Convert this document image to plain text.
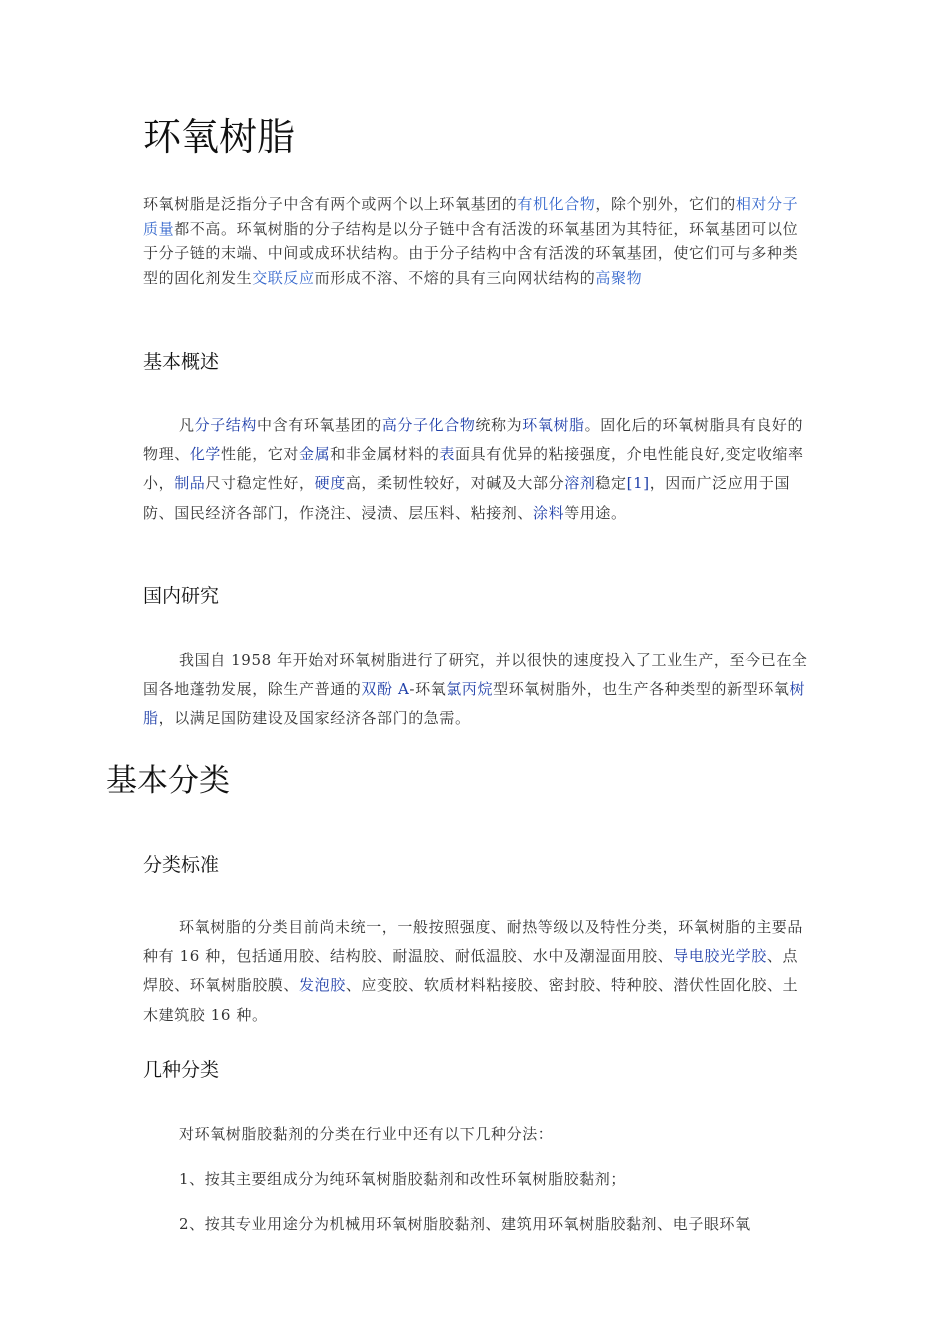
环氧树脂

环氧树脂是泛指分子中含有两个或两个以上环氧基团的有机化合物，除个别外，它们的相对分子质量都不高。环氧树脂的分子结构是以分子链中含有活泼的环氧基团为其特征，环氧基团可以位于分子链的末端、中间或成环状结构。由于分子结构中含有活泼的环氧基团，使它们可与多种类型的固化剂发生交联反应而形成不溶、不熔的具有三向网状结构的高聚物

基本概述

凡分子结构中含有环氧基团的高分子化合物统称为环氧树脂。固化后的环氧树脂具有良好的物理、化学性能，它对金属和非金属材料的表面具有优异的粘接强度，介电性能良好,变定收缩率小，制品尺寸稳定性好，硬度高，柔韧性较好，对碱及大部分溶剂稳定[1]，因而广泛应用于国防、国民经济各部门，作浇注、浸渍、层压料、粘接剂、涂料等用途。

国内研究

我国自 1958 年开始对环氧树脂进行了研究，并以很快的速度投入了工业生产，至今已在全国各地蓬勃发展，除生产普通的双酚 A-环氧氯丙烷型环氧树脂外，也生产各种类型的新型环氧树脂，以满足国防建设及国家经济各部门的急需。

基本分类
分类标准

环氧树脂的分类目前尚未统一，一般按照强度、耐热等级以及特性分类，环氧树脂的主要品种有 16 种，包括通用胶、结构胶、耐温胶、耐低温胶、水中及潮湿面用胶、导电胶光学胶、点焊胶、环氧树脂胶膜、发泡胶、应变胶、软质材料粘接胶、密封胶、特种胶、潜伏性固化胶、土木建筑胶 16 种。

几种分类

对环氧树脂胶黏剂的分类在行业中还有以下几种分法：

1、按其主要组成分为纯环氧树脂胶黏剂和改性环氧树脂胶黏剂；

2、按其专业用途分为机械用环氧树脂胶黏剂、建筑用环氧树脂胶黏剂、电子眼环氧
